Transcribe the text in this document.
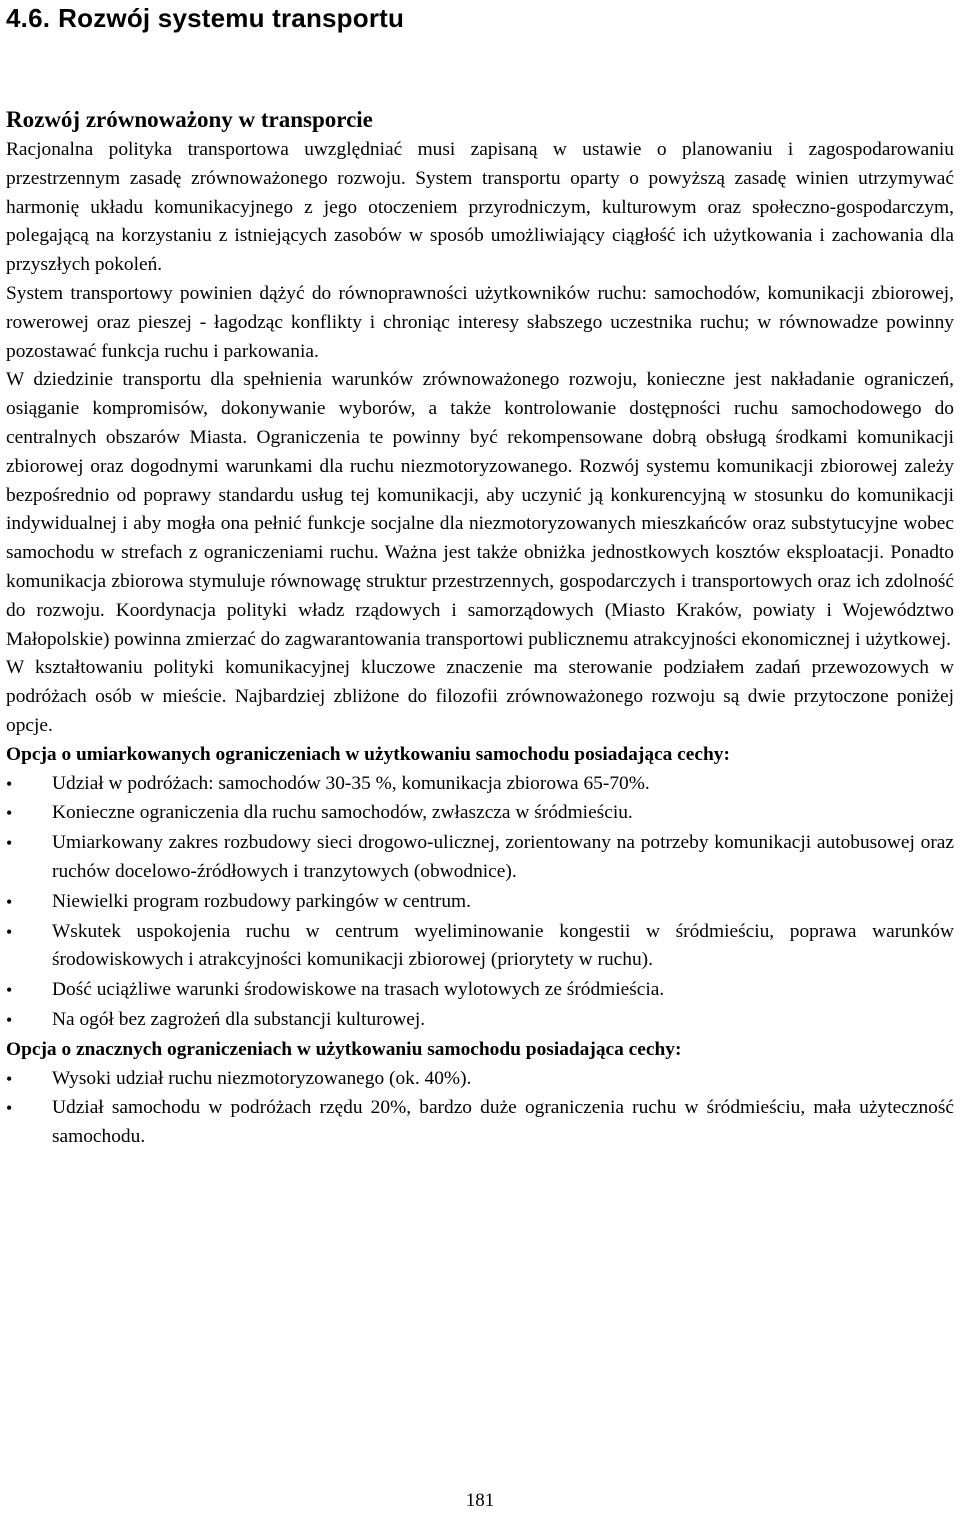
4.6. Rozwój systemu transportu
Rozwój zrównoważony w transporcie

Racjonalna polityka transportowa uwzględniać musi zapisaną w ustawie o planowaniu i zagospodarowaniu przestrzennym zasadę zrównoważonego rozwoju. System transportu oparty o powyższą zasadę winien utrzymywać harmonię układu komunikacyjnego z jego otoczeniem przyrodniczym, kulturowym oraz społeczno-gospodarczym, polegającą na korzystaniu z istniejących zasobów w sposób umożliwiający ciągłość ich użytkowania i zachowania dla przyszłych pokoleń.

System transportowy powinien dążyć do równoprawności użytkowników ruchu: samochodów, komunikacji zbiorowej, rowerowej oraz pieszej - łagodząc konflikty i chroniąc interesy słabszego uczestnika ruchu; w równowadze powinny pozostawać funkcja ruchu i parkowania.

W dziedzinie transportu dla spełnienia warunków zrównoważonego rozwoju, konieczne jest nakładanie ograniczeń, osiąganie kompromisów, dokonywanie wyborów, a także kontrolowanie dostępności ruchu samochodowego do centralnych obszarów Miasta. Ograniczenia te powinny być rekompensowane dobrą obsługą środkami komunikacji zbiorowej oraz dogodnymi warunkami dla ruchu niezmotoryzowanego. Rozwój systemu komunikacji zbiorowej zależy bezpośrednio od poprawy standardu usług tej komunikacji, aby uczynić ją konkurencyjną w stosunku do komunikacji indywidualnej i aby mogła ona pełnić funkcje socjalne dla niezmotoryzowanych mieszkańców oraz substytucyjne wobec samochodu w strefach z ograniczeniami ruchu. Ważna jest także obniżka jednostkowych kosztów eksploatacji. Ponadto komunikacja zbiorowa stymuluje równowagę struktur przestrzennych, gospodarczych i transportowych oraz ich zdolność do rozwoju. Koordynacja polityki władz rządowych i samorządowych (Miasto Kraków, powiaty i Województwo Małopolskie) powinna zmierzać do zagwarantowania transportowi publicznemu atrakcyjności ekonomicznej i użytkowej.

W kształtowaniu polityki komunikacyjnej kluczowe znaczenie ma sterowanie podziałem zadań przewozowych w podróżach osób w mieście. Najbardziej zbliżone do filozofii zrównoważonego rozwoju są dwie przytoczone poniżej opcje.

Opcja o umiarkowanych ograniczeniach w użytkowaniu samochodu posiadająca cechy:

•	Udział w podróżach: samochodów 30-35 %, komunikacja zbiorowa 65-70%.
•	Konieczne ograniczenia dla ruchu samochodów, zwłaszcza w śródmieściu.
•	Umiarkowany zakres rozbudowy sieci drogowo-ulicznej, zorientowany na potrzeby komunikacji autobusowej oraz ruchów docelowo-źródłowych i tranzytowych (obwodnice).
•	Niewielki program rozbudowy parkingów w centrum.
•	Wskutek uspokojenia ruchu w centrum wyeliminowanie kongestii w śródmieściu, poprawa warunków środowiskowych i atrakcyjności komunikacji zbiorowej (priorytety w ruchu).
•	Dość uciążliwe warunki środowiskowe na trasach wylotowych ze śródmieścia.
•	Na ogół bez zagrożeń dla substancji kulturowej.

Opcja o znacznych ograniczeniach w użytkowaniu samochodu posiadająca cechy:

•	Wysoki udział ruchu niezmotoryzowanego (ok. 40%).
•	Udział samochodu w podróżach rzędu 20%, bardzo duże ograniczenia ruchu w śródmieściu, mała użyteczność samochodu.
181
